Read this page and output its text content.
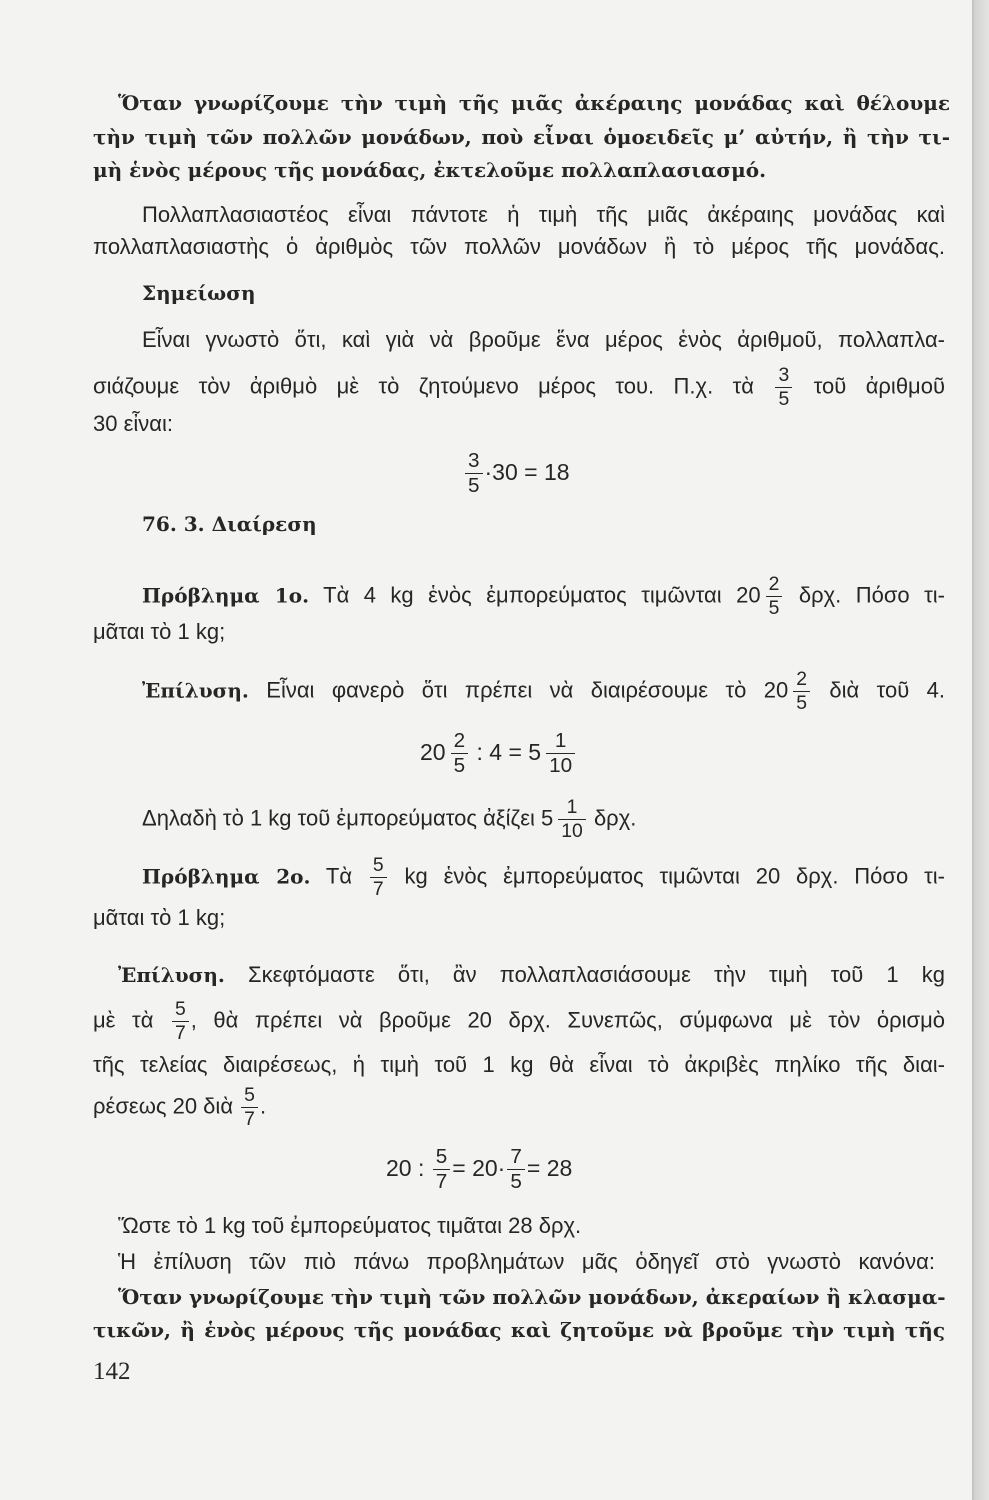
Ὅταν γνωρίζουμε τὴν τιμὴ τῆς μιᾶς ἀκέραιης μονάδας καὶ θέλουμε
τὴν τιμὴ τῶν πολλῶν μονάδων, ποὺ εἶναι ὁμοειδεῖς μ’ αὐτήν, ἢ τὴν τι-
μὴ ἑνὸς μέρους τῆς μονάδας, ἐκτελοῦμε πολλαπλασιασμό.
Πολλαπλασιαστέος εἶναι πάντοτε ἡ τιμὴ τῆς μιᾶς ἀκέραιης μονάδας καὶ
πολλαπλασιαστὴς ὁ ἀριθμὸς τῶν πολλῶν μονάδων ἢ τὸ μέρος τῆς μονάδας.
Σημείωση
Εἶναι γνωστὸ ὅτι, καὶ γιὰ νὰ βροῦμε ἕνα μέρος ἑνὸς ἀριθμοῦ, πολλαπλα-
σιάζουμε τὸν ἀριθμὸ μὲ τὸ ζητούμενο μέρος του. Π.χ. τὰ $\frac{3}{5}$ τοῦ ἀριθμοῦ
30 εἶναι:
$\frac{3}{5} \cdot 30 = 18$
76. 3. Διαίρεση
Πρόβλημα 1ο. Τὰ 4 kg ἑνὸς ἐμπορεύματος τιμῶνται $20 \frac{2}{5} \delta\rho\chi$. Πόσο τι-
μᾶται τὸ 1 kg;
Ἐπίλυση. Εἶναι φανερὸ ὅτι πρέπει νὰ διαιρέσουμε τὸ $20 \frac{2}{5}$ διὰ τοῦ 4.
$20 \frac{2}{5}$ : $4 = 5 \frac{1}{10}$
Δηλαδὴ τὸ 1 kg τοῦ ἐμπορεύματος ἀξίζει $5 \frac{1}{10} \delta\rho\chi$.
Πρόβλημα 2ο. Τὰ $\frac{5}{7}$ kg ἑνὸς ἐμπορεύματος τιμῶνται 20 δρχ. Πόσο τι-
μᾶται τὸ 1 kg;
Ἐπίλυση. Σκεφτόμαστε ὅτι, ἂν πολλαπλασιάσουμε τὴν τιμὴ τοῦ 1 kg
μὲ τὰ $\frac{5}{7}$ , θὰ πρέπει νὰ βροῦμε 20 δρχ. Συνεπῶς, σύμφωνα μὲ τὸν ὁρισμὸ
τῆς τελείας διαιρέσεως, ἡ τιμὴ τοῦ 1 kg θὰ εἶναι τὸ ἀκριβὲς πηλίκο τῆς διαι-
ρέσεως 20 διὰ $\frac{5}{7}$ .
20 : $\frac{5}{7} = 20\cdot \frac{7}{5} = 28$
Ὥστε τὸ 1 kg τοῦ ἐμπορεύματος τιμᾶται 28 δρχ.
Ἡ ἐπίλυση τῶν πιὸ πάνω προβλημάτων μᾶς ὁδηγεῖ στὸ γνωστὸ κανόνα:
Ὅταν γνωρίζουμε τὴν τιμὴ τῶν πολλῶν μονάδων, ἀκεραίων ἢ κλασμα-
τικῶν, ἢ ἑνὸς μέρους τῆς μονάδας καὶ ζητοῦμε νὰ βροῦμε τὴν τιμὴ τῆς
142
